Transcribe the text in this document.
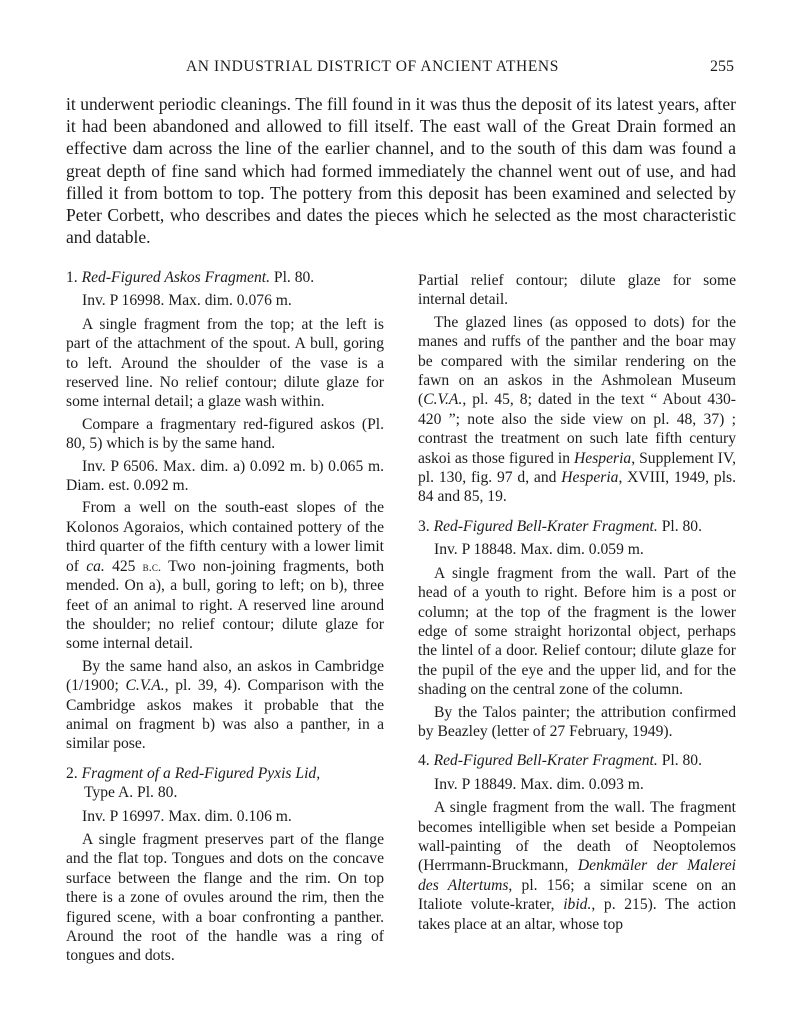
AN INDUSTRIAL DISTRICT OF ANCIENT ATHENS	255

it underwent periodic cleanings. The fill found in it was thus the deposit of its latest years, after it had been abandoned and allowed to fill itself. The east wall of the Great Drain formed an effective dam across the line of the earlier channel, and to the south of this dam was found a great depth of fine sand which had formed immediately the channel went out of use, and had filled it from bottom to top. The pottery from this deposit has been examined and selected by Peter Corbett, who describes and dates the pieces which he selected as the most characteristic and datable.

1. Red-Figured Askos Fragment. Pl. 80.

Inv. P 16998. Max. dim. 0.076 m.

A single fragment from the top; at the left is part of the attachment of the spout. A bull, goring to left. Around the shoulder of the vase is a reserved line. No relief contour; dilute glaze for some internal detail; a glaze wash within.

Compare a fragmentary red-figured askos (Pl. 80, 5) which is by the same hand.

Inv. P 6506. Max. dim. a) 0.092 m. b) 0.065 m. Diam. est. 0.092 m.

From a well on the south-east slopes of the Kolonos Agoraios, which contained pottery of the third quarter of the fifth century with a lower limit of ca. 425 b.c. Two non-joining fragments, both mended. On a), a bull, goring to left; on b), three feet of an animal to right. A reserved line around the shoulder; no relief contour; dilute glaze for some internal detail.

By the same hand also, an askos in Cambridge (1/1900; C.V.A., pl. 39, 4). Comparison with the Cambridge askos makes it probable that the animal on fragment b) was also a panther, in a similar pose.

2. Fragment of a Red-Figured Pyxis Lid,
Type A. Pl. 80.

Inv. P 16997. Max. dim. 0.106 m.

A single fragment preserves part of the flange and the flat top. Tongues and dots on the concave surface between the flange and the rim. On top there is a zone of ovules around the rim, then the figured scene, with a boar confronting a panther. Around the root of the handle was a ring of tongues and dots.

Partial relief contour; dilute glaze for some internal detail.

The glazed lines (as opposed to dots) for the manes and ruffs of the panther and the boar may be compared with the similar rendering on the fawn on an askos in the Ashmolean Museum (C.V.A., pl. 45, 8; dated in the text “ About 430-420 ”; note also the side view on pl. 48, 37) ; contrast the treatment on such late fifth century askoi as those figured in Hesperia, Supplement IV, pl. 130, fig. 97 d, and Hesperia, XVIII, 1949, pls. 84 and 85, 19.

3. Red-Figured Bell-Krater Fragment. Pl. 80.

Inv. P 18848. Max. dim. 0.059 m.

A single fragment from the wall. Part of the head of a youth to right. Before him is a post or column; at the top of the fragment is the lower edge of some straight horizontal object, perhaps the lintel of a door. Relief contour; dilute glaze for the pupil of the eye and the upper lid, and for the shading on the central zone of the column.

By the Talos painter; the attribution confirmed by Beazley (letter of 27 February, 1949).

4. Red-Figured Bell-Krater Fragment. Pl. 80.

Inv. P 18849. Max. dim. 0.093 m.

A single fragment from the wall. The fragment becomes intelligible when set beside a Pompeian wall-painting of the death of Neoptolemos (Herrmann-Bruckmann, Denkmäler der Malerei des Altertums, pl. 156; a similar scene on an Italiote volute-krater, ibid., p. 215). The action takes place at an altar, whose top
